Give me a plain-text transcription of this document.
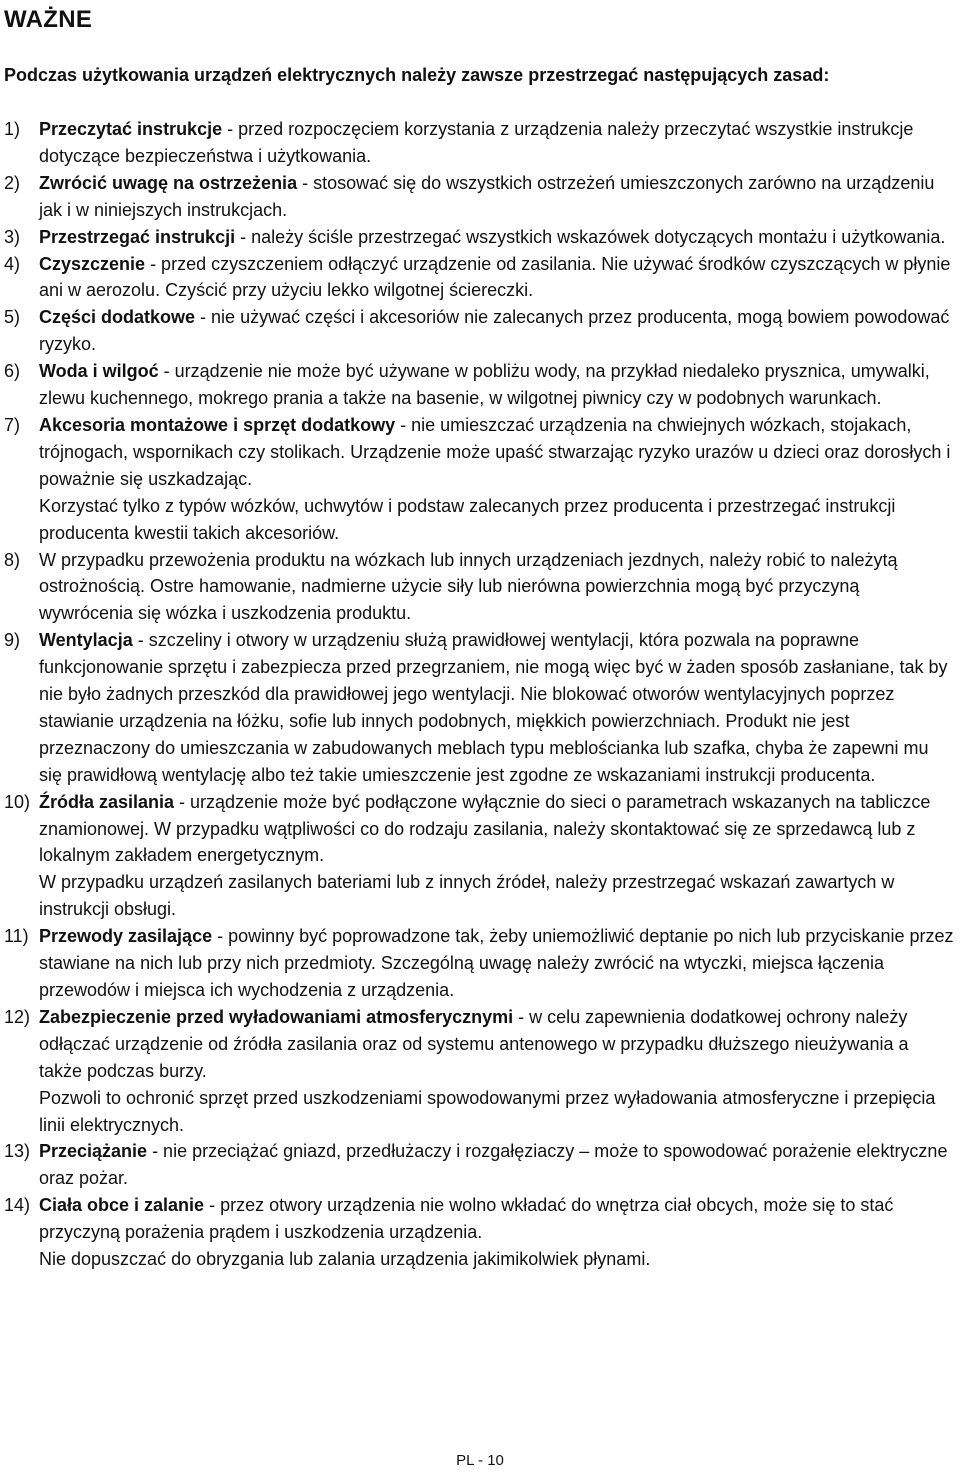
WAŻNE
Podczas użytkowania urządzeń elektrycznych należy zawsze przestrzegać następujących zasad:
1) Przeczytać instrukcje - przed rozpoczęciem korzystania z urządzenia należy przeczytać wszystkie instrukcje dotyczące bezpieczeństwa i użytkowania.
2) Zwrócić uwagę na ostrzeżenia - stosować się do wszystkich ostrzeżeń umieszczonych zarówno na urządzeniu jak i w niniejszych instrukcjach.
3) Przestrzegać instrukcji - należy ściśle przestrzegać wszystkich wskazówek dotyczących montażu i użytkowania.
4) Czyszczenie - przed czyszczeniem odłączyć urządzenie od zasilania. Nie używać środków czyszczących w płynie ani w aerozolu. Czyścić przy użyciu lekko wilgotnej ściereczki.
5) Części dodatkowe - nie używać części i akcesoriów nie zalecanych przez producenta, mogą bowiem powodować ryzyko.
6) Woda i wilgoć - urządzenie nie może być używane w pobliżu wody, na przykład niedaleko prysznica, umywalki, zlewu kuchennego, mokrego prania a także na basenie, w wilgotnej piwnicy czy w podobnych warunkach.
7) Akcesoria montażowe i sprzęt dodatkowy - nie umieszczać urządzenia na chwiejnych wózkach, stojakach, trójnogach, wspornikach czy stolikach. Urządzenie może upaść stwarzając ryzyko urazów u dzieci oraz dorosłych i poważnie się uszkadzając.
Korzystać tylko z typów wózków, uchwytów i podstaw zalecanych przez producenta i przestrzegać instrukcji producenta kwestii takich akcesoriów.
8) W przypadku przewożenia produktu na wózkach lub innych urządzeniach jezdnych, należy robić to należytą ostrożnością. Ostre hamowanie, nadmierne użycie siły lub nierówna powierzchnia mogą być przyczyną wywrócenia się wózka i uszkodzenia produktu.
9) Wentylacja - szczeliny i otwory w urządzeniu służą prawidłowej wentylacji, która pozwala na poprawne funkcjonowanie sprzętu i zabezpiecza przed przegrzaniem, nie mogą więc być w żaden sposób zasłaniane, tak by nie było żadnych przeszkód dla prawidłowej jego wentylacji. Nie blokować otworów wentylacyjnych poprzez stawianie urządzenia na łóżku, sofie lub innych podobnych, miękkich powierzchniach. Produkt nie jest przeznaczony do umieszczania w zabudowanych meblach typu meblościanka lub szafka, chyba że zapewni mu się prawidłową wentylację albo też takie umieszczenie jest zgodne ze wskazaniami instrukcji producenta.
10) Źródła zasilania - urządzenie może być podłączone wyłącznie do sieci o parametrach wskazanych na tabliczce znamionowej. W przypadku wątpliwości co do rodzaju zasilania, należy skontaktować się ze sprzedawcą lub z lokalnym zakładem energetycznym.
W przypadku urządzeń zasilanych bateriami lub z innych źródeł, należy przestrzegać wskazań zawartych w instrukcji obsługi.
11) Przewody zasilające - powinny być poprowadzone tak, żeby uniemożliwić deptanie po nich lub przyciskanie przez stawiane na nich lub przy nich przedmioty. Szczególną uwagę należy zwrócić na wtyczki, miejsca łączenia przewodów i miejsca ich wychodzenia z urządzenia.
12) Zabezpieczenie przed wyładowaniami atmosferycznymi - w celu zapewnienia dodatkowej ochrony należy odłączać urządzenie od źródła zasilania oraz od systemu antenowego w przypadku dłuższego nieużywania a także podczas burzy.
Pozwoli to ochronić sprzęt przed uszkodzeniami spowodowanymi przez wyładowania atmosferyczne i przepięcia linii elektrycznych.
13) Przeciążanie - nie przeciążać gniazd, przedłużaczy i rozgałęziaczy – może to spowodować porażenie elektryczne oraz pożar.
14) Ciała obce i zalanie - przez otwory urządzenia nie wolno wkładać do wnętrza ciał obcych, może się to stać przyczyną porażenia prądem i uszkodzenia urządzenia.
Nie dopuszczać do obryzgania lub zalania urządzenia jakimikolwiek płynami.
PL - 10
